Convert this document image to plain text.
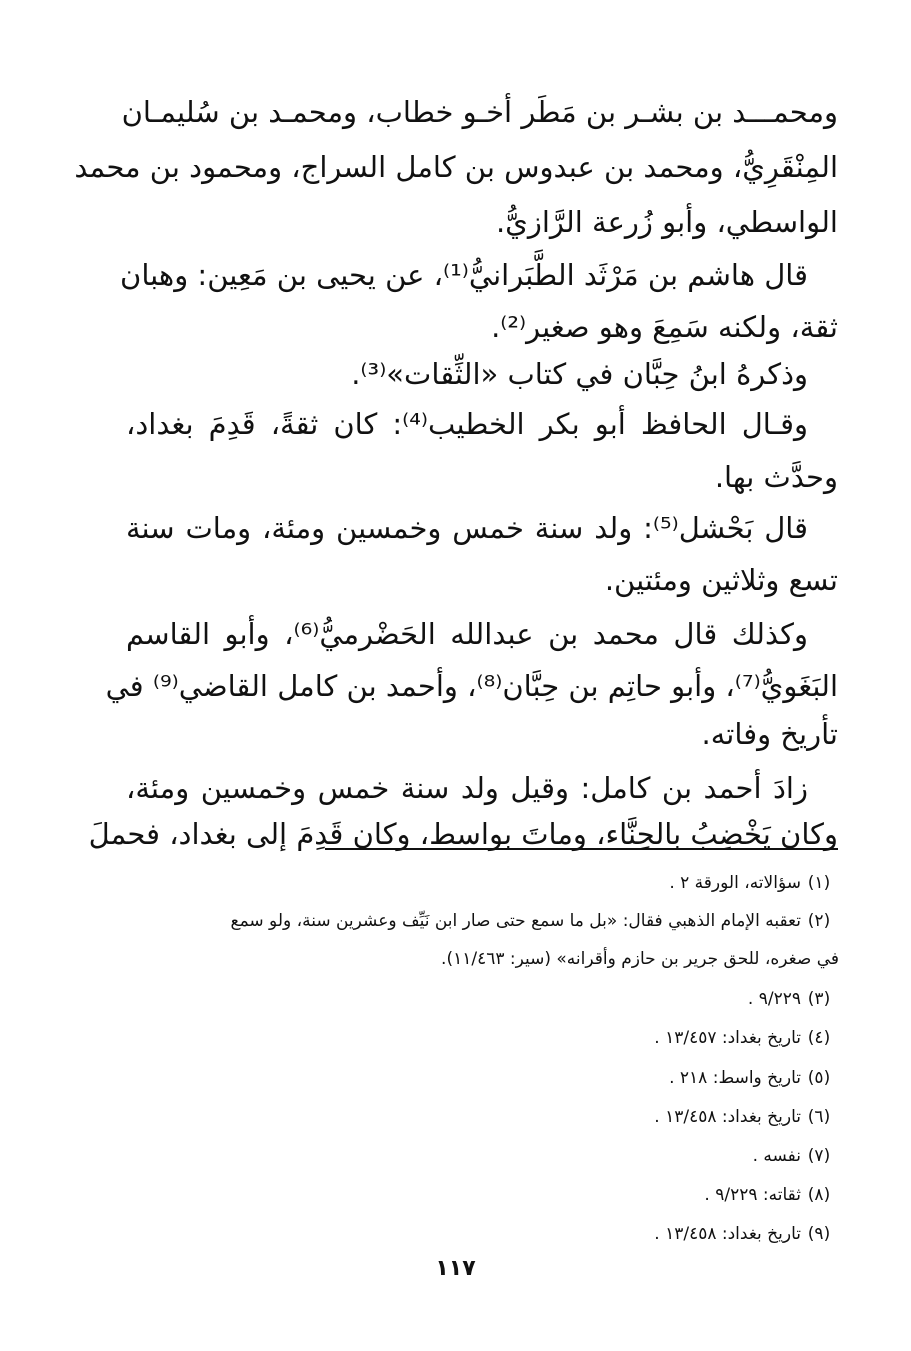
ومحمـــد بن بشـر بن مَطَر أخـو خطاب، ومحمـد بن سُليمـان
المِنْقَرِيُّ، ومحمد بن عبدوس بن كامل السراج، ومحمود بن محمد
الواسطي، وأبو زُرعة الرَّازيُّ.
قال هاشم بن مَرْثَد الطَّبَرانيُّ⁽¹⁾، عن يحيى بن مَعِين: وهبان
ثقة، ولكنه سَمِعَ وهو صغير⁽²⁾.
وذكرهُ ابنُ حِبَّان في كتاب «الثِّقات»⁽³⁾.
وقـال الحافظ أبو بكر الخطيب⁽⁴⁾: كان ثقةً، قَدِمَ بغداد،
وحدَّث بها.
قال بَحْشل⁽⁵⁾: ولد سنة خمس وخمسين ومئة، ومات سنة
تسع وثلاثين ومئتين.
وكذلك قال محمد بن عبدالله الحَضْرميُّ⁽⁶⁾، وأبو القاسم
البَغَويُّ⁽⁷⁾، وأبو حاتِم بن حِبَّان⁽⁸⁾، وأحمد بن كامل القاضي⁽⁹⁾ في
تأريخ وفاته.
زادَ أحمد بن كامل: وقيل ولد سنة خمس وخمسين ومئة،
وكان يَخْضِبُ بالحِنَّاء، وماتَ بواسط، وكان قَدِمَ إلى بغداد، فحملَ
(١)
سؤالاته، الورقة ٢ .
(٢)
تعقبه الإمام الذهبي فقال: «بل ما سمع حتى صار ابن نَيِّف وعشرين سنة، ولو سمع
في صغره، للحق جرير بن حازم وأقرانه» (سير: ١١/٤٦٣).
(٣)
٩/٢٢٩ .
(٤)
تاريخ بغداد: ١٣/٤٥٧ .
(٥)
تاريخ واسط: ٢١٨ .
(٦)
تاريخ بغداد: ١٣/٤٥٨ .
(٧)
نفسه .
(٨)
ثقاته: ٩/٢٢٩ .
(٩)
تاريخ بغداد: ١٣/٤٥٨ .
١١٧
